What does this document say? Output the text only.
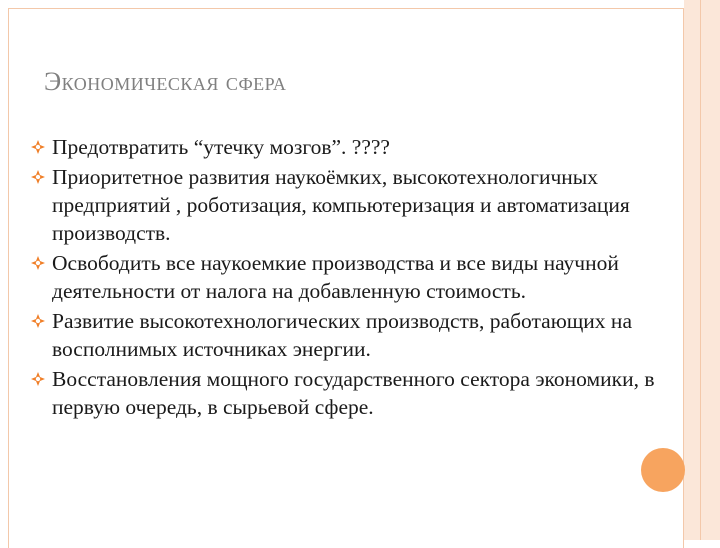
Экономическая сфера
Предотвратить “утечку мозгов”. ????
Приоритетное развития наукоёмких, высокотехнологичных предприятий , роботизация, компьютеризация и автоматизация производств.
Освободить все наукоемкие производства и все виды научной деятельности от налога на добавленную стоимость.
Развитие высокотехнологических производств, работающих на восполнимых источниках энергии.
Восстановления мощного государственного сектора экономики, в первую очередь, в сырьевой сфере.
